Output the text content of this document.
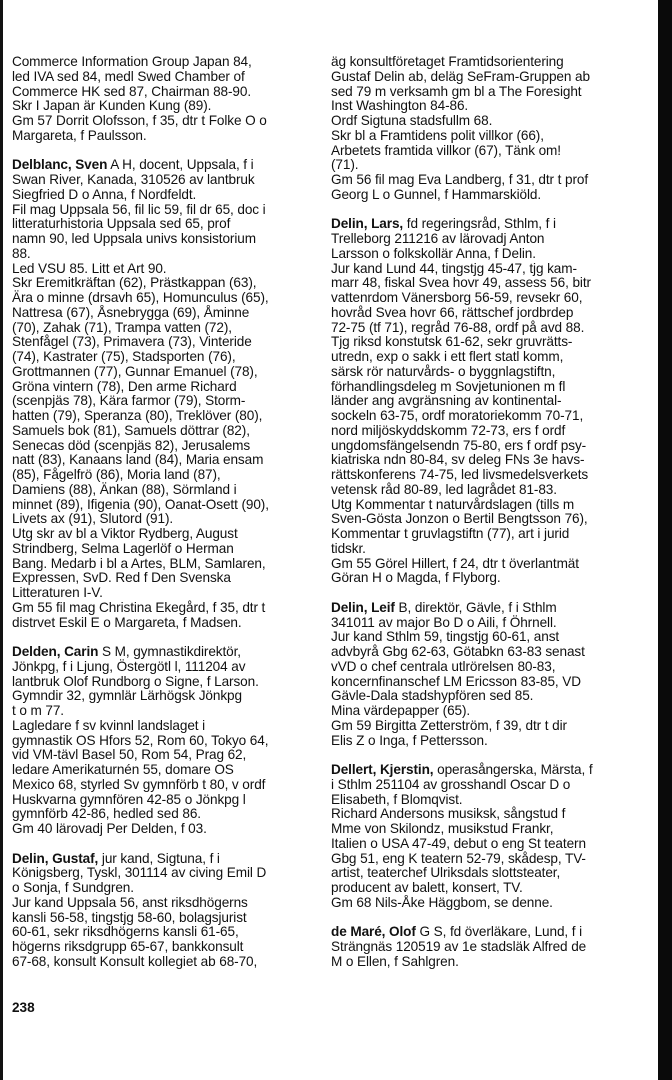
Commerce Information Group Japan 84,
led IVA sed 84, medl Swed Chamber of
Commerce HK sed 87, Chairman 88-90.
Skr I Japan är Kunden Kung (89).
Gm 57 Dorrit Olofsson, f 35, dtr t Folke O o
Margareta, f Paulsson.
Delblanc, Sven A H, docent, Uppsala, f i
Swan River, Kanada, 310526 av lantbruk
Siegfried D o Anna, f Nordfeldt.
Fil mag Uppsala 56, fil lic 59, fil dr 65, doc i
litteraturhistoria Uppsala sed 65, prof
namn 90, led Uppsala univs konsistorium
88.
Led VSU 85. Litt et Art 90.
Skr Eremitkräftan (62), Prästkappan (63),
Ära o minne (drsavh 65), Homunculus (65),
Nattresa (67), Åsnebrygga (69), Åminne
(70), Zahak (71), Trampa vatten (72),
Stenfågel (73), Primavera (73), Vinteride
(74), Kastrater (75), Stadsporten (76),
Grottmannen (77), Gunnar Emanuel (78),
Gröna vintern (78), Den arme Richard
(scenpjäs 78), Kära farmor (79), Storm-
hatten (79), Speranza (80), Treklöver (80),
Samuels bok (81), Samuels döttrar (82),
Senecas död (scenpjäs 82), Jerusalems
natt (83), Kanaans land (84), Maria ensam
(85), Fågelfrö (86), Moria land (87),
Damiens (88), Änkan (88), Sörmland i
minnet (89), Ifigenia (90), Oanat-Osett (90),
Livets ax (91), Slutord (91).
Utg skr av bl a Viktor Rydberg, August
Strindberg, Selma Lagerlöf o Herman
Bang. Medarb i bl a Artes, BLM, Samlaren,
Expressen, SvD. Red f Den Svenska
Litteraturen I-V.
Gm 55 fil mag Christina Ekegård, f 35, dtr t
distrvet Eskil E o Margareta, f Madsen.
Delden, Carin S M, gymnastikdirektör,
Jönkpg, f i Ljung, Östergötl l, 111204 av
lantbruk Olof Rundborg o Signe, f Larson.
Gymndir 32, gymnlär Lärhögsk Jönkpg
t o m 77.
Lagledare f sv kvinnl landslaget i
gymnastik OS Hfors 52, Rom 60, Tokyo 64,
vid VM-tävl Basel 50, Rom 54, Prag 62,
ledare Amerikaturnén 55, domare OS
Mexico 68, styrled Sv gymnförb t 80, v ordf
Huskvarna gymnfören 42-85 o Jönkpg l
gymnförb 42-86, hedled sed 86.
Gm 40 lärovadj Per Delden, f 03.
Delin, Gustaf, jur kand, Sigtuna, f i
Königsberg, Tyskl, 301114 av civing Emil D
o Sonja, f Sundgren.
Jur kand Uppsala 56, anst riksdhögerns
kansli 56-58, tingstjg 58-60, bolagsjurist
60-61, sekr riksdhögerns kansli 61-65,
högerns riksdgrupp 65-67, bankkonsult
67-68, konsult Konsult kollegiet ab 68-70,
äg konsultföretaget Framtidsorientering
Gustaf Delin ab, deläg SeFram-Gruppen ab
sed 79 m verksamh gm bl a The Foresight
Inst Washington 84-86.
Ordf Sigtuna stadsfullm 68.
Skr bl a Framtidens polit villkor (66),
Arbetets framtida villkor (67), Tänk om!
(71).
Gm 56 fil mag Eva Landberg, f 31, dtr t prof
Georg L o Gunnel, f Hammarskiöld.
Delin, Lars, fd regeringsråd, Sthlm, f i
Trelleborg 211216 av lärovadj Anton
Larsson o folkskollär Anna, f Delin.
Jur kand Lund 44, tingstjg 45-47, tjg kam-
marr 48, fiskal Svea hovr 49, assess 56, bitr
vattenrdom Vänersborg 56-59, revsekr 60,
hovråd Svea hovr 66, rättschef jordbrdep
72-75 (tf 71), regråd 76-88, ordf på avd 88.
Tjg riksd konstutsk 61-62, sekr gruvrätts-
utredn, exp o sakk i ett flert statl komm,
särsk rör naturvårds- o byggnlagstiftn,
förhandlingsdeleg m Sovjetunionen m fl
länder ang avgränsning av kontinental-
sockeln 63-75, ordf moratoriekomm 70-71,
nord miljöskyddskomm 72-73, ers f ordf
ungdomsfängelsendn 75-80, ers f ordf psy-
kiatriska ndn 80-84, sv deleg FNs 3e havs-
rättskonferens 74-75, led livsmedelsverkets
vetensk råd 80-89, led lagrådet 81-83.
Utg Kommentar t naturvårdslagen (tills m
Sven-Gösta Jonzon o Bertil Bengtsson 76),
Kommentar t gruvlagstiftn (77), art i jurid
tidskr.
Gm 55 Görel Hillert, f 24, dtr t överlantmät
Göran H o Magda, f Flyborg.
Delin, Leif B, direktör, Gävle, f i Sthlm
341011 av major Bo D o Aili, f Öhrnell.
Jur kand Sthlm 59, tingstjg 60-61, anst
advbyrå Gbg 62-63, Götabkn 63-83 senast
vVD o chef centrala utlrörelsen 80-83,
koncernfinanschef LM Ericsson 83-85, VD
Gävle-Dala stadshypfören sed 85.
Mina värdepapper (65).
Gm 59 Birgitta Zetterström, f 39, dtr t dir
Elis Z o Inga, f Pettersson.
Dellert, Kjerstin, operasångerska, Märsta, f
i Sthlm 251104 av grosshandl Oscar D o
Elisabeth, f Blomqvist.
Richard Andersons musiksk, sångstud f
Mme von Skilondz, musikstud Frankr,
Italien o USA 47-49, debut o eng St teatern
Gbg 51, eng K teatern 52-79, skådesp, TV-
artist, teaterchef Ulriksdals slottsteater,
producent av balett, konsert, TV.
Gm 68 Nils-Åke Häggbom, se denne.
de Maré, Olof G S, fd överläkare, Lund, f i
Strängnäs 120519 av 1e stadsläk Alfred de
M o Ellen, f Sahlgren.
238
